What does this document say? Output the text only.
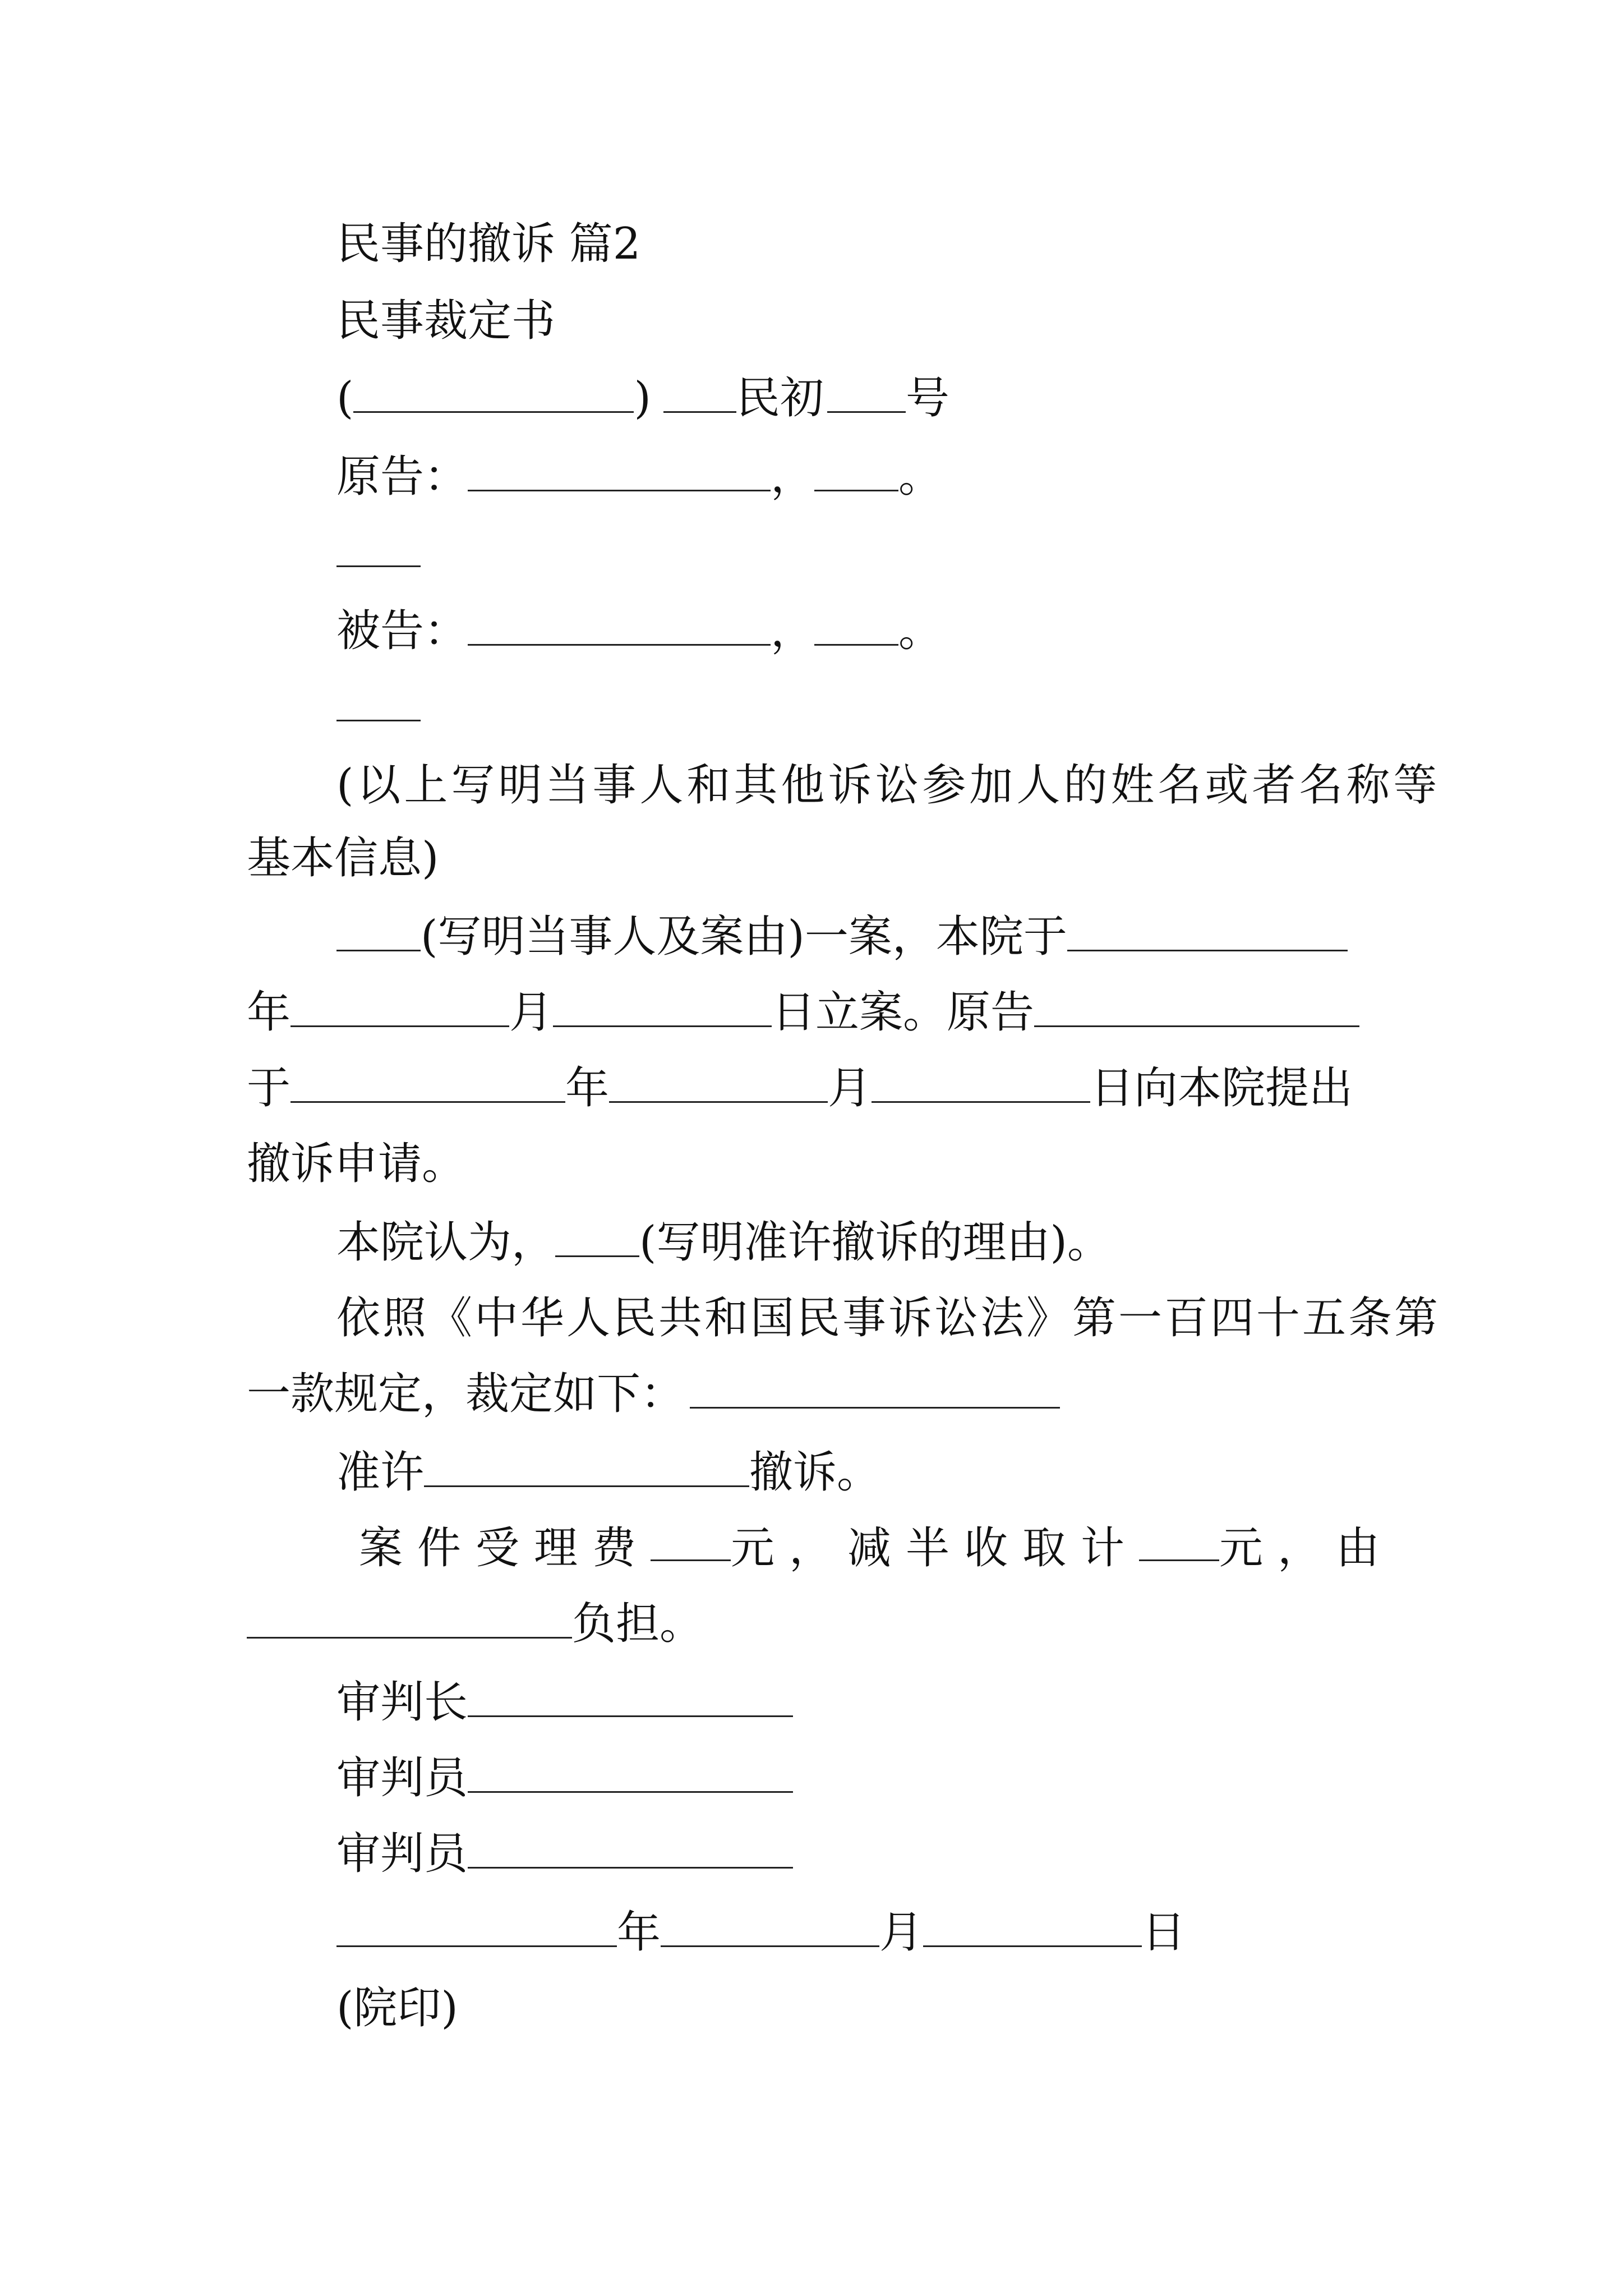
民事的撤诉 篇2
民事裁定书
(	) 民初 号
原告：	， 。
被告：	， 。
(以上写明当事人和其他诉讼参加人的姓名或者名称等
基本信息)
(写明当事人及案由)一案，本院于
年	月	日立案。原告
于	年	月	日向本院提出
撤诉申请。
本院认为， (写明准许撤诉的理由)。
依照《中华人民共和国民事诉讼法》第一百四十五条第
一款规定，裁定如下：
准许	撤诉。
案件受理费 元， 减半收取计 元， 由
负担。
审判长
审判员
审判员
年	月	日
(院印)
